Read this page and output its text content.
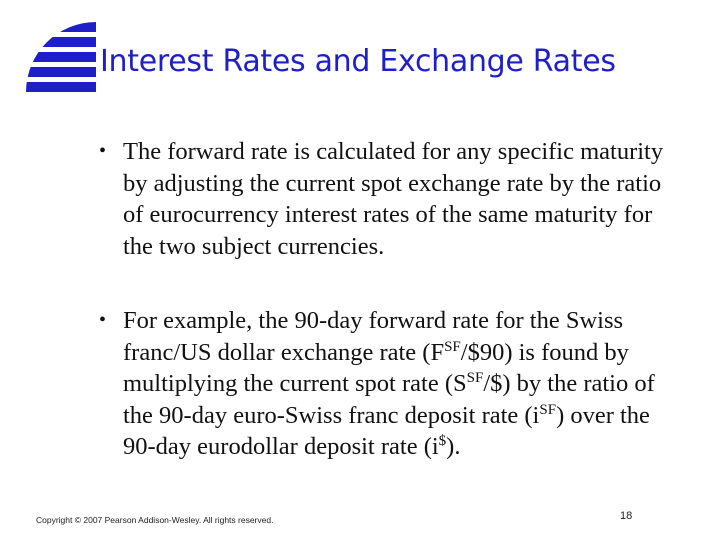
Interest Rates and Exchange Rates
• The forward rate is calculated for any specific maturity by adjusting the current spot exchange rate by the ratio of eurocurrency interest rates of the same maturity for the two subject currencies.
• For example, the 90-day forward rate for the Swiss franc/US dollar exchange rate $(F^{SF}/\$90)$ is found by multiplying the current spot rate $(S^{SF}/\$)$ by the ratio of the 90-day euro-Swiss franc deposit rate $(i^{SF})$ over the 90-day eurodollar deposit rate (i$).
Copyright © 2007 Pearson Addison-Wesley. All rights reserved.	18
